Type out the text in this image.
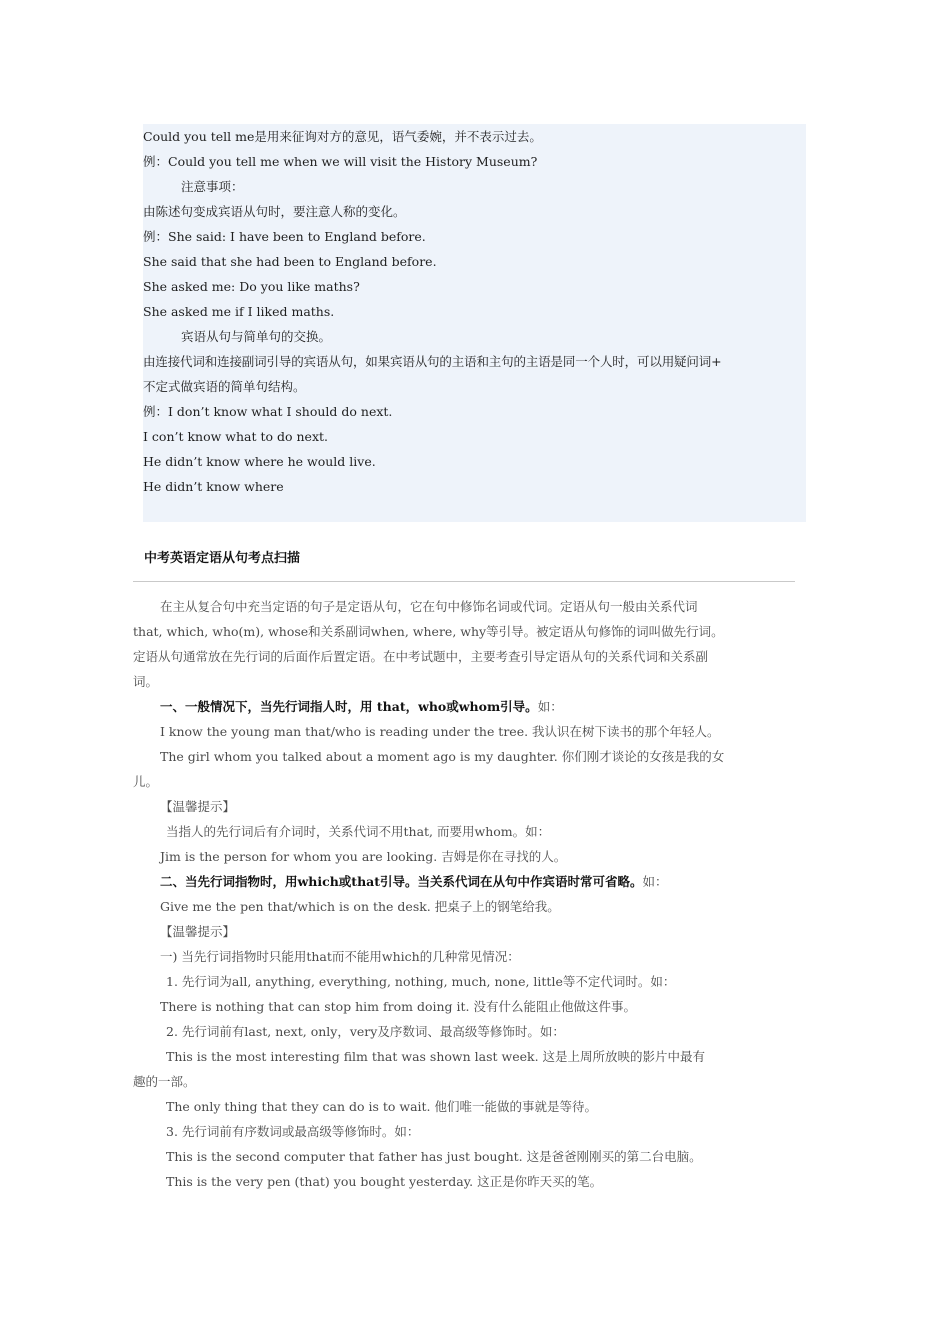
Could you tell me是用来征询对方的意见，语气委婉，并不表示过去。
例：Could you tell me when we will visit the History Museum?
注意事项：
由陈述句变成宾语从句时，要注意人称的变化。
例：She said: I have been to England before.
She said that she had been to England before.
She asked me: Do you like maths?
She asked me if I liked maths.
宾语从句与简单句的交换。
由连接代词和连接副词引导的宾语从句，如果宾语从句的主语和主句的主语是同一个人时，可以用疑问词+
不定式做宾语的简单句结构。
例：I don’t know what I should do next.
I con’t know what to do next.
He didn’t know where he would live.
He didn’t know where
中考英语定语从句考点扫描
在主从复合句中充当定语的句子是定语从句，它在句中修饰名词或代词。定语从句一般由关系代词
that, which, who(m), whose和关系副词when, where, why等引导。被定语从句修饰的词叫做先行词。
定语从句通常放在先行词的后面作后置定语。在中考试题中，主要考查引导定语从句的关系代词和关系副
词。
一、一般情况下，当先行词指人时，用 that，who或whom引导。如：
I know the young man that/who is reading under the tree. 我认识在树下读书的那个年轻人。
The girl whom you talked about a moment ago is my daughter. 你们刚才谈论的女孩是我的女
儿。
【温馨提示】
当指人的先行词后有介词时，关系代词不用that, 而要用whom。如：
Jim is the person for whom you are looking. 吉姆是你在寻找的人。
二、当先行词指物时，用which或that引导。当关系代词在从句中作宾语时常可省略。如：
Give me the pen that/which is on the desk. 把桌子上的钢笔给我。
【温馨提示】
一) 当先行词指物时只能用that而不能用which的几种常见情况：
1. 先行词为all, anything, everything, nothing, much, none, little等不定代词时。如：
There is nothing that can stop him from doing it. 没有什么能阻止他做这件事。
2. 先行词前有last, next, only，very及序数词、最高级等修饰时。如：
This is the most interesting film that was shown last week. 这是上周所放映的影片中最有
趣的一部。
The only thing that they can do is to wait. 他们唯一能做的事就是等待。
3. 先行词前有序数词或最高级等修饰时。如：
This is the second computer that father has just bought. 这是爸爸刚刚买的第二台电脑。
This is the very pen (that) you bought yesterday. 这正是你昨天买的笔。
